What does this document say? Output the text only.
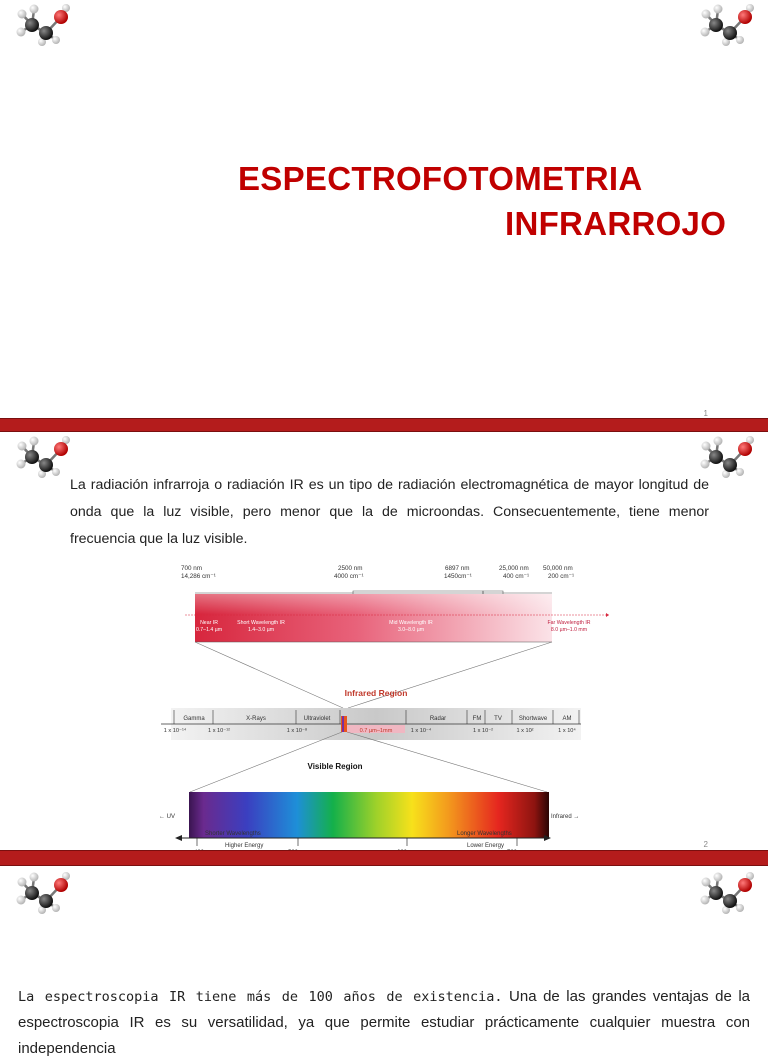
ESPECTROFOTOMETRIA
INFRARROJO
1
La radiación infrarroja o radiación IR es un tipo de radiación electromagnética de mayor longitud de onda que la luz visible, pero menor que la de microondas. Consecuentemente, tiene menor frecuencia que la luz visible.
700 nm
14,286 cm⁻¹
2500 nm
4000 cm⁻¹
6897 nm
1450cm⁻¹
25,000 nm
400 cm⁻¹
50,000 nm
200 cm⁻¹
Near IR
0.7–1.4 µm
Short Wavelength IR
1.4–3.0 µm
Mid Wavelength IR
3.0–8.0 µm
Far Wavelength IR
8.0 µm–1.0 mm
Infrared Region
Gamma	X-Rays	Ultraviolet	Radar	FM TV	Shortwave	AM
1 x 10⁻¹⁴	1 x 10⁻¹²	1 x 10⁻⁸	0.7 µm–1mm	1 x 10⁻⁴	1 x 10⁻²	1 x 10²	1 x 10⁴
Visible Region
← UV	Infrared →
Shorter Wavelengths
Higher Energy
Longer Wavelengths
Lower Energy	2
La espectroscopia IR tiene más de 100 años de existencia. Una de las grandes ventajas de la espectroscopia IR es su versatilidad, ya que permite estudiar prácticamente cualquier muestra con independencia
